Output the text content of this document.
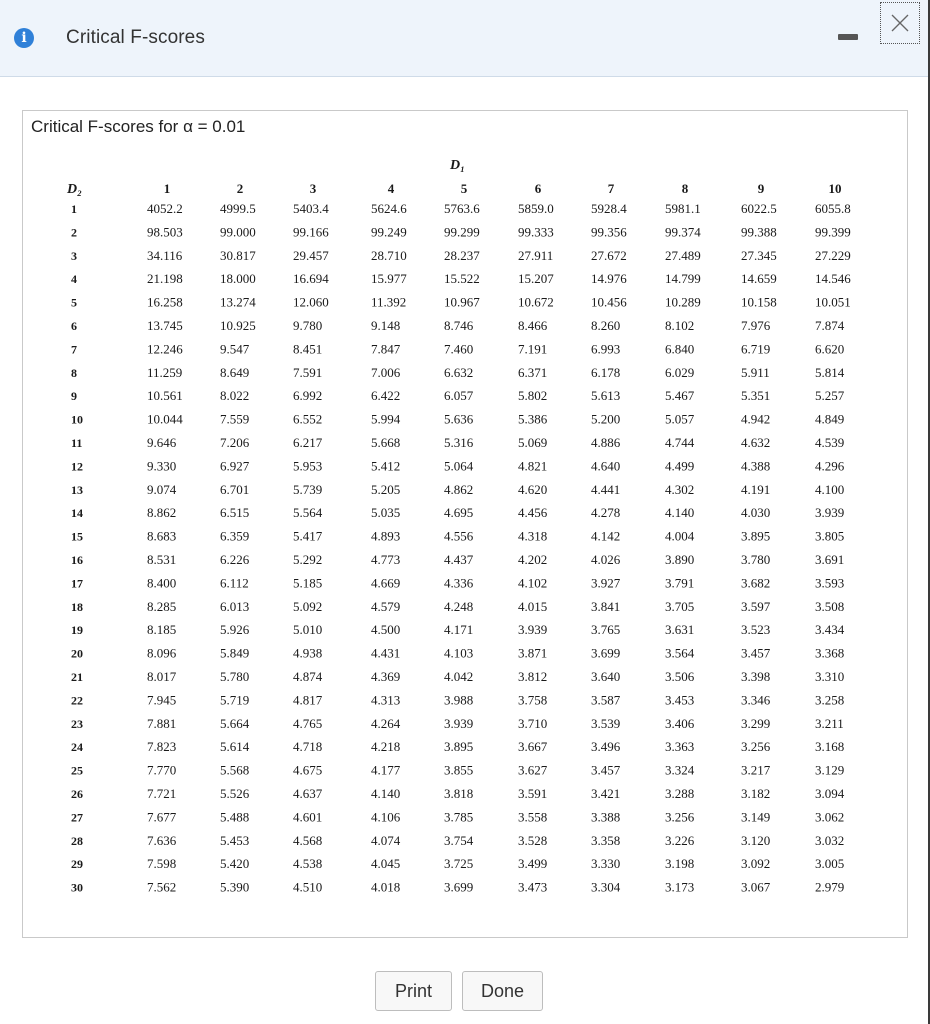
i	Critical F-scores
Critical F-scores for α = 0.01
D₁
D₂	1	2	3	4	5	6	7	8	9	10
1	4052.2	4999.5	5403.4	5624.6	5763.6	5859.0	5928.4	5981.1	6022.5	6055.8
2	98.503	99.000	99.166	99.249	99.299	99.333	99.356	99.374	99.388	99.399
3	34.116	30.817	29.457	28.710	28.237	27.911	27.672	27.489	27.345	27.229
4	21.198	18.000	16.694	15.977	15.522	15.207	14.976	14.799	14.659	14.546
5	16.258	13.274	12.060	11.392	10.967	10.672	10.456	10.289	10.158	10.051
6	13.745	10.925	9.780	9.148	8.746	8.466	8.260	8.102	7.976	7.874
7	12.246	9.547	8.451	7.847	7.460	7.191	6.993	6.840	6.719	6.620
8	11.259	8.649	7.591	7.006	6.632	6.371	6.178	6.029	5.911	5.814
9	10.561	8.022	6.992	6.422	6.057	5.802	5.613	5.467	5.351	5.257
10	10.044	7.559	6.552	5.994	5.636	5.386	5.200	5.057	4.942	4.849
11	9.646	7.206	6.217	5.668	5.316	5.069	4.886	4.744	4.632	4.539
12	9.330	6.927	5.953	5.412	5.064	4.821	4.640	4.499	4.388	4.296
13	9.074	6.701	5.739	5.205	4.862	4.620	4.441	4.302	4.191	4.100
14	8.862	6.515	5.564	5.035	4.695	4.456	4.278	4.140	4.030	3.939
15	8.683	6.359	5.417	4.893	4.556	4.318	4.142	4.004	3.895	3.805
16	8.531	6.226	5.292	4.773	4.437	4.202	4.026	3.890	3.780	3.691
17	8.400	6.112	5.185	4.669	4.336	4.102	3.927	3.791	3.682	3.593
18	8.285	6.013	5.092	4.579	4.248	4.015	3.841	3.705	3.597	3.508
19	8.185	5.926	5.010	4.500	4.171	3.939	3.765	3.631	3.523	3.434
20	8.096	5.849	4.938	4.431	4.103	3.871	3.699	3.564	3.457	3.368
21	8.017	5.780	4.874	4.369	4.042	3.812	3.640	3.506	3.398	3.310
22	7.945	5.719	4.817	4.313	3.988	3.758	3.587	3.453	3.346	3.258
23	7.881	5.664	4.765	4.264	3.939	3.710	3.539	3.406	3.299	3.211
24	7.823	5.614	4.718	4.218	3.895	3.667	3.496	3.363	3.256	3.168
25	7.770	5.568	4.675	4.177	3.855	3.627	3.457	3.324	3.217	3.129
26	7.721	5.526	4.637	4.140	3.818	3.591	3.421	3.288	3.182	3.094
27	7.677	5.488	4.601	4.106	3.785	3.558	3.388	3.256	3.149	3.062
28	7.636	5.453	4.568	4.074	3.754	3.528	3.358	3.226	3.120	3.032
29	7.598	5.420	4.538	4.045	3.725	3.499	3.330	3.198	3.092	3.005
30	7.562	5.390	4.510	4.018	3.699	3.473	3.304	3.173	3.067	2.979
Print	Done
